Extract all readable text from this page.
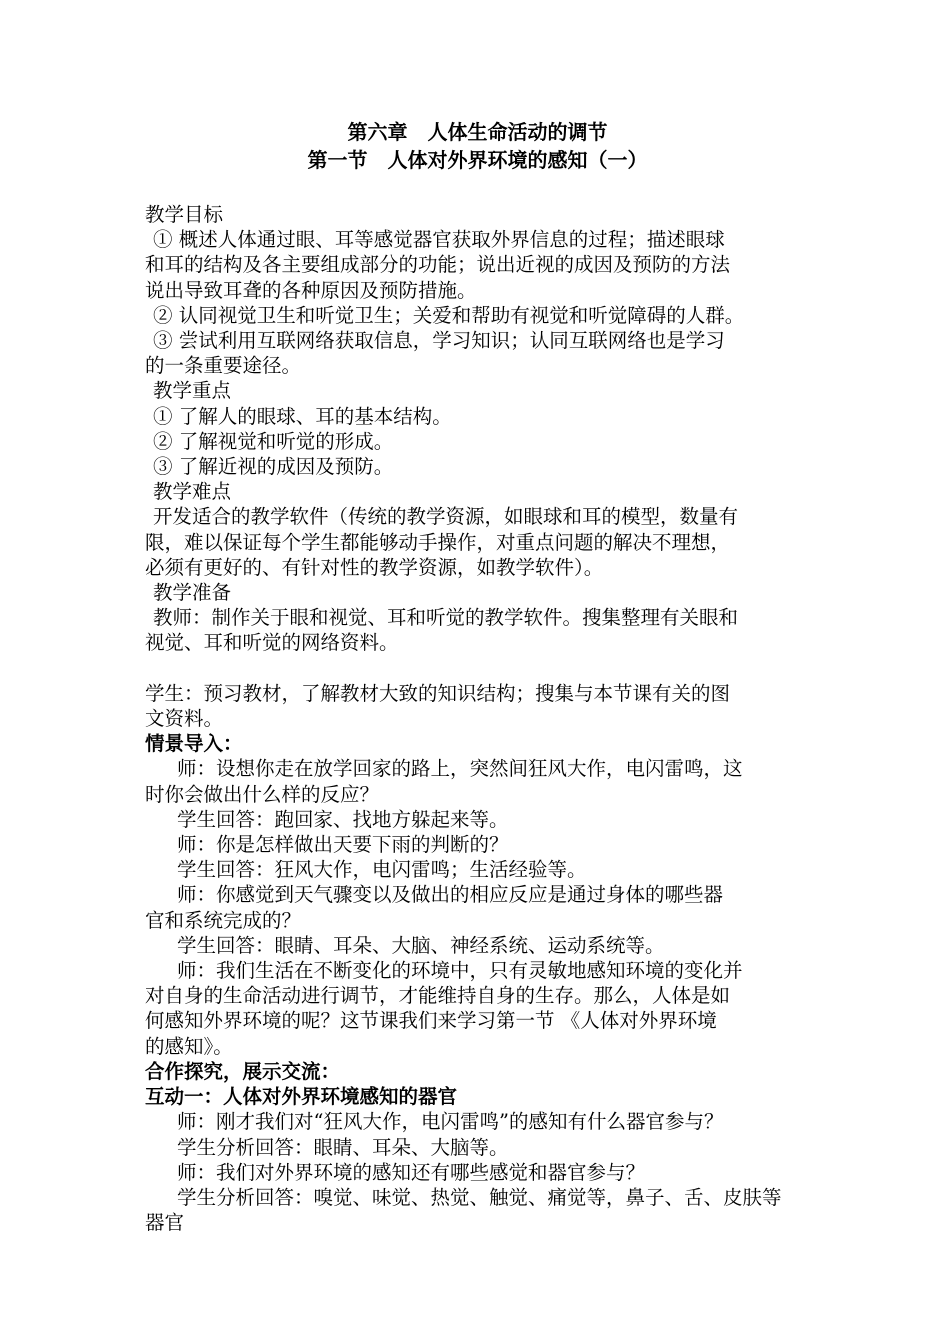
第六章　人体生命活动的调节

第一节　人体对外界环境的感知（一）

教学目标

① 概述人体通过眼、耳等感觉器官获取外界信息的过程；描述眼球

和耳的结构及各主要组成部分的功能；说出近视的成因及预防的方法

说出导致耳聋的各种原因及预防措施。

② 认同视觉卫生和听觉卫生；关爱和帮助有视觉和听觉障碍的人群。

③ 尝试利用互联网络获取信息，学习知识；认同互联网络也是学习

的一条重要途径。

教学重点

① 了解人的眼球、耳的基本结构。

② 了解视觉和听觉的形成。

③ 了解近视的成因及预防。

教学难点

开发适合的教学软件（传统的教学资源，如眼球和耳的模型，数量有

限，难以保证每个学生都能够动手操作，对重点问题的解决不理想，

必须有更好的、有针对性的教学资源，如教学软件）。

教学准备

教师：制作关于眼和视觉、耳和听觉的教学软件。搜集整理有关眼和

视觉、耳和听觉的网络资料。

学生：预习教材，了解教材大致的知识结构；搜集与本节课有关的图

文资料。

情景导入：

师：设想你走在放学回家的路上，突然间狂风大作，电闪雷鸣，这

时你会做出什么样的反应？

学生回答：跑回家、找地方躲起来等。

师：你是怎样做出天要下雨的判断的？

学生回答：狂风大作，电闪雷鸣；生活经验等。

师：你感觉到天气骤变以及做出的相应反应是通过身体的哪些器

官和系统完成的？

学生回答：眼睛、耳朵、大脑、神经系统、运动系统等。

师：我们生活在不断变化的环境中，只有灵敏地感知环境的变化并

对自身的生命活动进行调节，才能维持自身的生存。那么，人体是如

何感知外界环境的呢？这节课我们来学习第一节 《人体对外界环境

的感知》。

合作探究，展示交流：

互动一：人体对外界环境感知的器官

师：刚才我们对“狂风大作，电闪雷鸣”的感知有什么器官参与？

学生分析回答：眼睛、耳朵、大脑等。

师：我们对外界环境的感知还有哪些感觉和器官参与？

学生分析回答：嗅觉、味觉、热觉、触觉、痛觉等，鼻子、舌、皮肤等

器官
